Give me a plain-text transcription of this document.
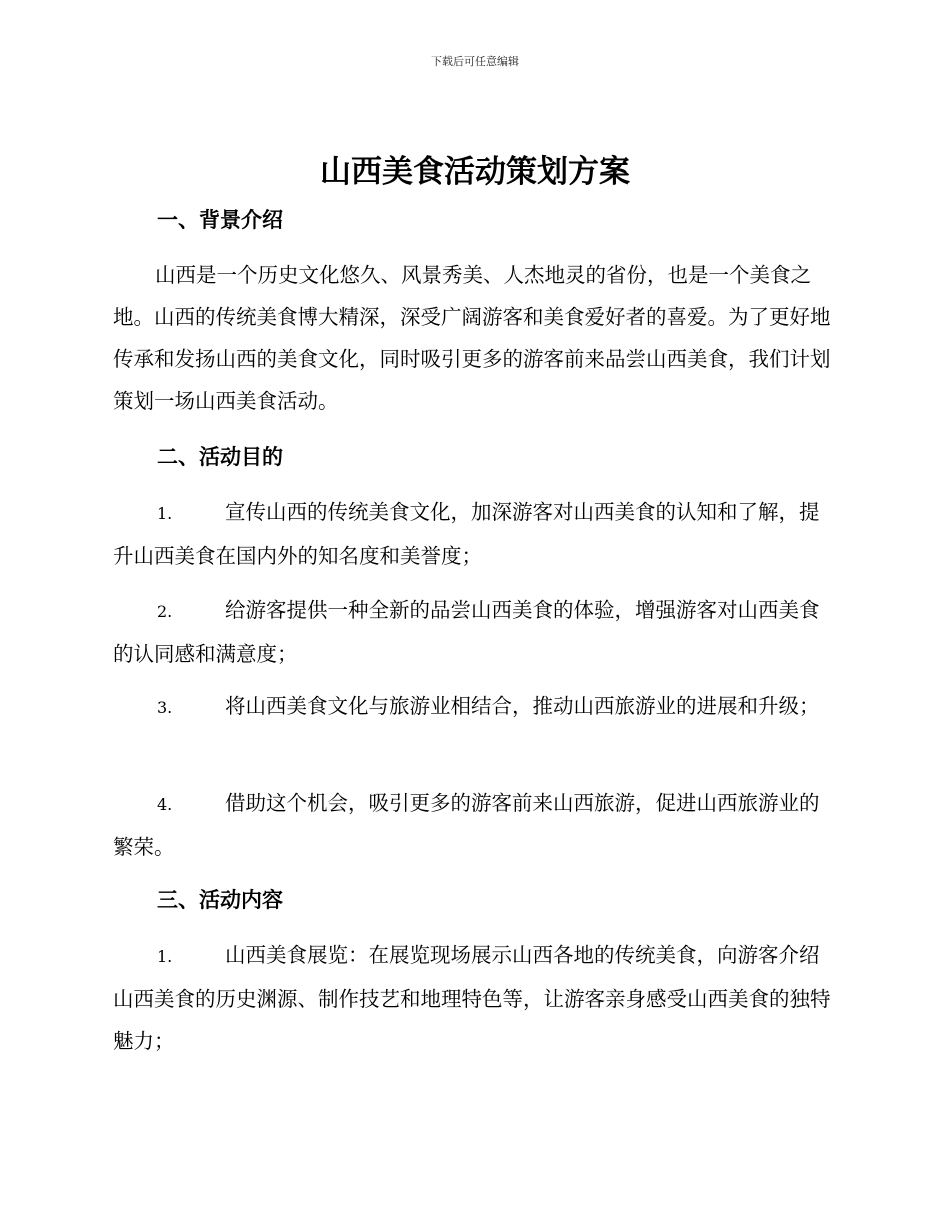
下载后可任意编辑
山西美食活动策划方案
一、背景介绍

山西是一个历史文化悠久、风景秀美、人杰地灵的省份，也是一个美食之地。山西的传统美食博大精深，深受广阔游客和美食爱好者的喜爱。为了更好地传承和发扬山西的美食文化，同时吸引更多的游客前来品尝山西美食，我们计划策划一场山西美食活动。

二、活动目的
1.	宣传山西的传统美食文化，加深游客对山西美食的认知和了解，提升山西美食在国内外的知名度和美誉度；
2.	给游客提供一种全新的品尝山西美食的体验，增强游客对山西美食的认同感和满意度；
3.	将山西美食文化与旅游业相结合，推动山西旅游业的进展和升级；
4.	借助这个机会，吸引更多的游客前来山西旅游，促进山西旅游业的繁荣。
三、活动内容
1.	山西美食展览：在展览现场展示山西各地的传统美食，向游客介绍山西美食的历史渊源、制作技艺和地理特色等，让游客亲身感受山西美食的独特魅力；
